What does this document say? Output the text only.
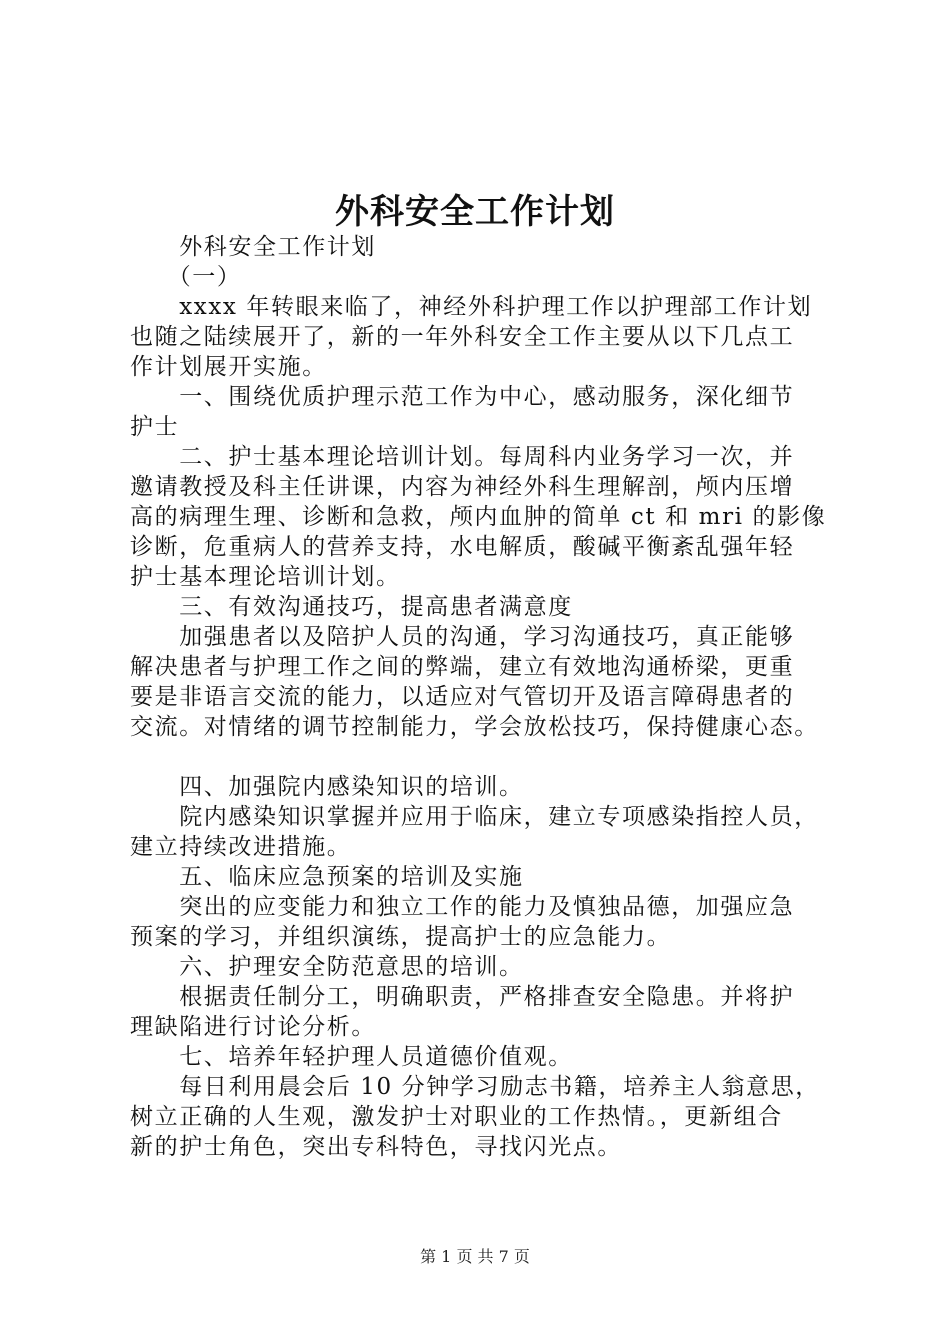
外科安全工作计划
　　外科安全工作计划
　　（一）
　　xxxx 年转眼来临了，神经外科护理工作以护理部工作计划
也随之陆续展开了，新的一年外科安全工作主要从以下几点工
作计划展开实施。
　　一、围绕优质护理示范工作为中心，感动服务，深化细节
护士
　　二、护士基本理论培训计划。每周科内业务学习一次，并
邀请教授及科主任讲课，内容为神经外科生理解剖，颅内压增
高的病理生理、诊断和急救，颅内血肿的简单 ct 和 mri 的影像
诊断，危重病人的营养支持，水电解质，酸碱平衡紊乱强年轻
护士基本理论培训计划。
　　三、有效沟通技巧，提高患者满意度
　　加强患者以及陪护人员的沟通，学习沟通技巧，真正能够
解决患者与护理工作之间的弊端，建立有效地沟通桥梁，更重
要是非语言交流的能力，以适应对气管切开及语言障碍患者的
交流。对情绪的调节控制能力，学会放松技巧，保持健康心态。
　　四、加强院内感染知识的培训。
　　院内感染知识掌握并应用于临床，建立专项感染指控人员，
建立持续改进措施。
　　五、临床应急预案的培训及实施
　　突出的应变能力和独立工作的能力及慎独品德，加强应急
预案的学习，并组织演练，提高护士的应急能力。
　　六、护理安全防范意思的培训。
　　根据责任制分工，明确职责，严格排查安全隐患。并将护
理缺陷进行讨论分析。
　　七、培养年轻护理人员道德价值观。
　　每日利用晨会后 10 分钟学习励志书籍，培养主人翁意思，
树立正确的人生观，激发护士对职业的工作热情。，更新组合
新的护士角色，突出专科特色，寻找闪光点。
第 1 页 共 7 页
